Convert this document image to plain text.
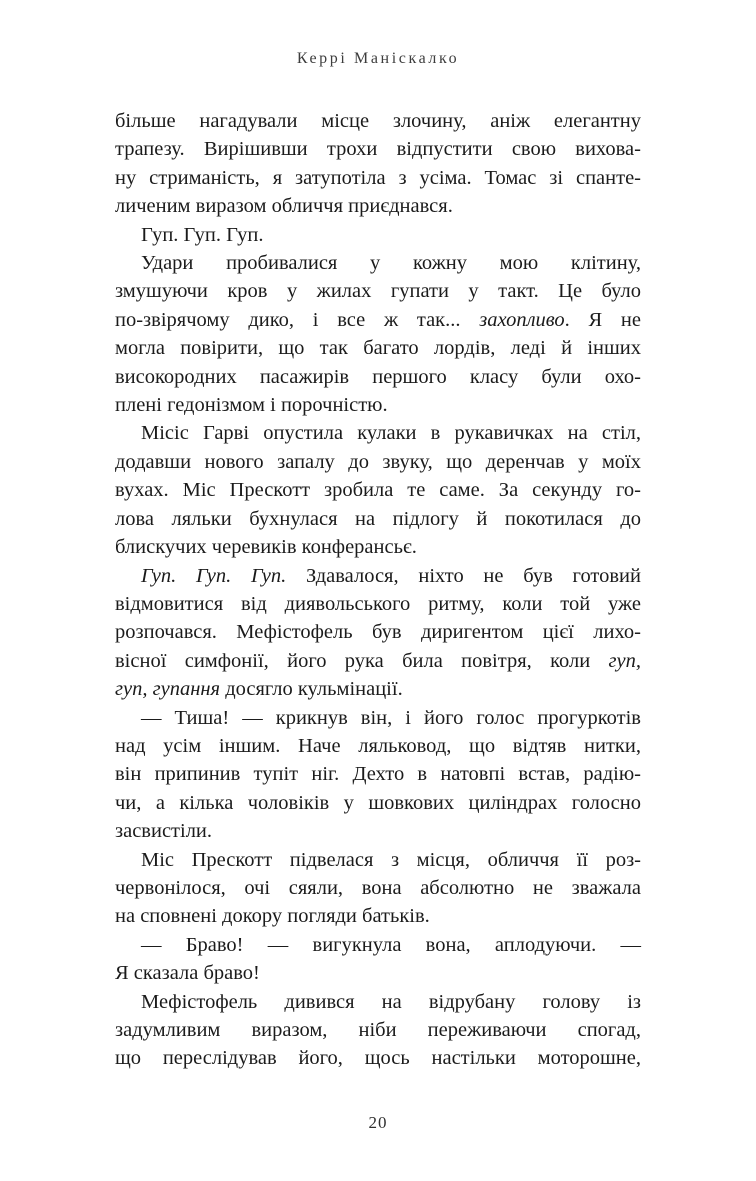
Керрі Маніскалко
більше нагадували місце злочину, аніж елегантну
трапезу. Вирішивши трохи відпустити свою вихова-
ну стриманість, я затупотіла з усіма. Томас зі спанте-
личеним виразом обличчя приєднався.
Гуп. Гуп. Гуп.
Удари пробивалися у кожну мою клітину,
змушуючи кров у жилах гупати у такт. Це було
по-звірячому дико, і все ж так... захопливо. Я не
могла повірити, що так багато лордів, леді й інших
високородних пасажирів першого класу були охо-
плені гедонізмом і порочністю.
Місіс Гарві опустила кулаки в рукавичках на стіл,
додавши нового запалу до звуку, що деренчав у моїх
вухах. Міс Прескотт зробила те саме. За секунду го-
лова ляльки бухнулася на підлогу й покотилася до
блискучих черевиків конферансьє.
Гуп. Гуп. Гуп. Здавалося, ніхто не був готовий
відмовитися від диявольського ритму, коли той уже
розпочався. Мефістофель був диригентом цієї лихо-
вісної симфонії, його рука била повітря, коли гуп,
гуп, гупання досягло кульмінації.
— Тиша! — крикнув він, і його голос прогуркотів
над усім іншим. Наче ляльковод, що відтяв нитки,
він припинив тупіт ніг. Дехто в натовпі встав, радію-
чи, а кілька чоловіків у шовкових циліндрах голосно
засвистіли.
Міс Прескотт підвелася з місця, обличчя її роз-
червонілося, очі сяяли, вона абсолютно не зважала
на сповнені докору погляди батьків.
— Браво! — вигукнула вона, аплодуючи. —
Я сказала браво!
Мефістофель дивився на відрубану голову із
задумливим виразом, ніби переживаючи спогад,
що переслідував його, щось настільки моторошне,
20
